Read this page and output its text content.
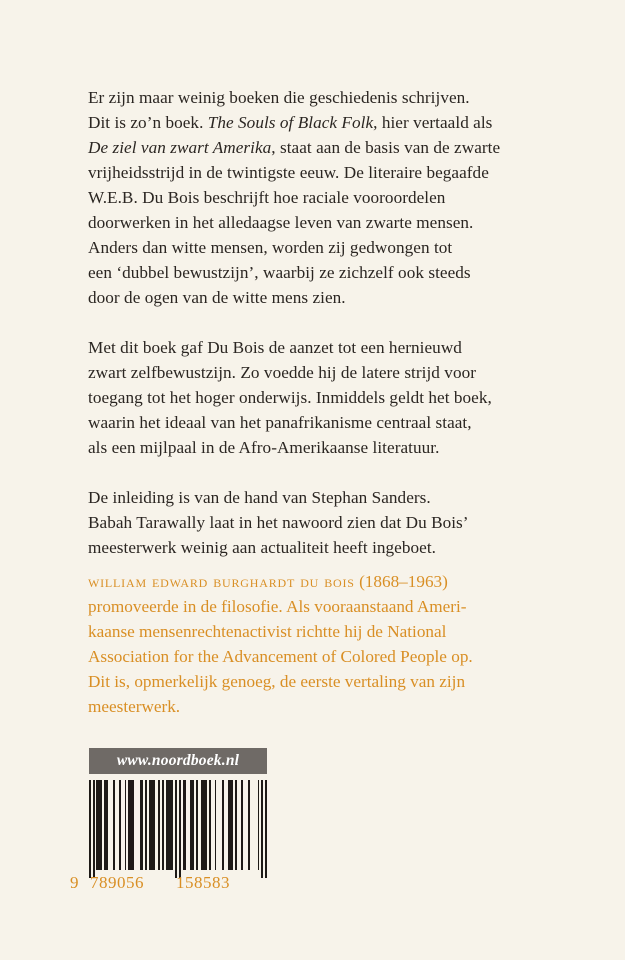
Er zijn maar weinig boeken die geschiedenis schrijven.
Dit is zo’n boek. The Souls of Black Folk, hier vertaald als
De ziel van zwart Amerika, staat aan de basis van de zwarte
vrijheidsstrijd in de twintigste eeuw. De literaire begaafde
W.E.B. Du Bois beschrijft hoe raciale vooroordelen
doorwerken in het alledaagse leven van zwarte mensen.
Anders dan witte mensen, worden zij gedwongen tot
een ‘dubbel bewustzijn’, waarbij ze zichzelf ook steeds
door de ogen van de witte mens zien.

Met dit boek gaf Du Bois de aanzet tot een hernieuwd
zwart zelfbewustzijn. Zo voedde hij de latere strijd voor
toegang tot het hoger onderwijs. Inmiddels geldt het boek,
waarin het ideaal van het panafrikanisme centraal staat,
als een mijlpaal in de Afro-Amerikaanse literatuur.

De inleiding is van de hand van Stephan Sanders.
Babah Tarawally laat in het nawoord zien dat Du Bois’
meesterwerk weinig aan actualiteit heeft ingeboet.

william edward burghardt du bois (1868–1963)
promoveerde in de filosofie. Als vooraanstaand Ameri-
kaanse mensenrechtenactivist richtte hij de National
Association for the Advancement of Colored People op.
Dit is, opmerkelijk genoeg, de eerste vertaling van zijn
meesterwerk.
www.noordboek.nl
9 789056 158583
